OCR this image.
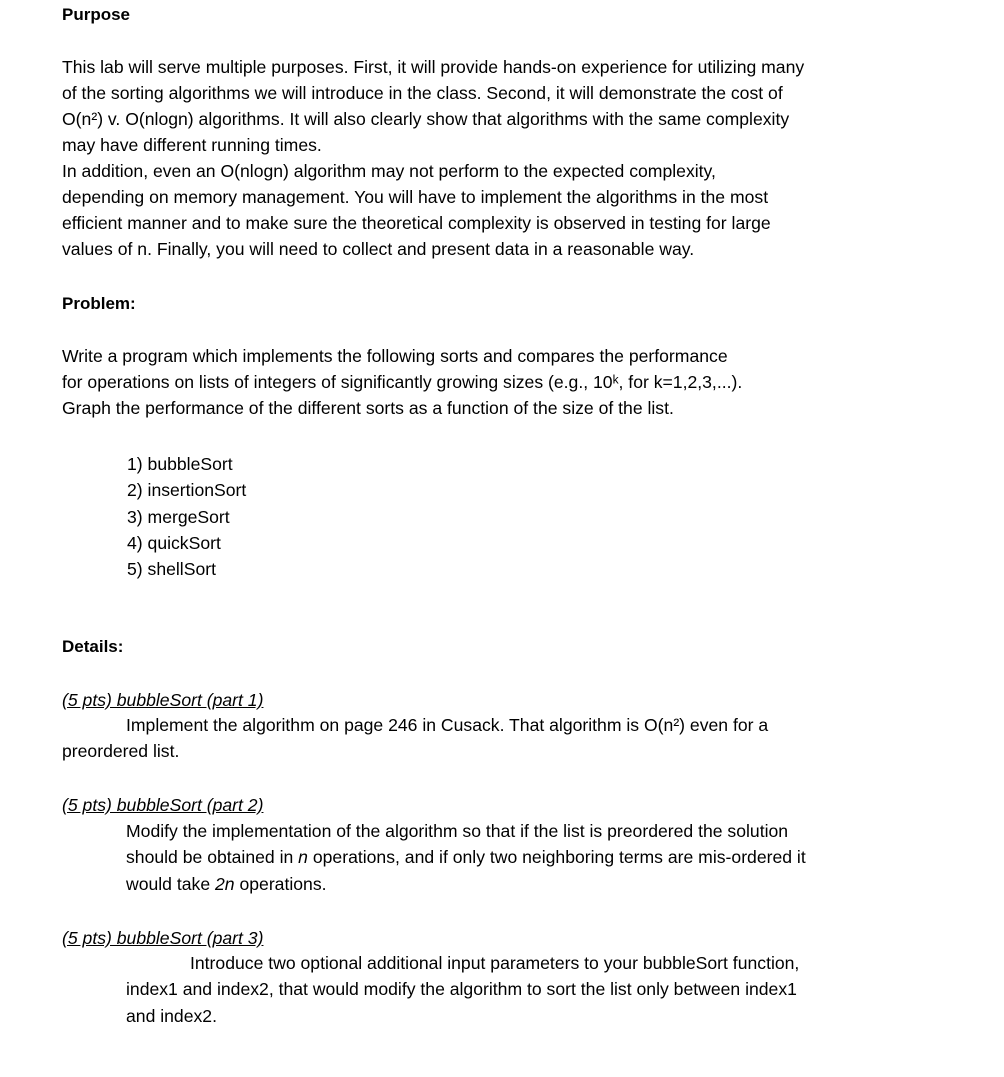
Purpose
This lab will serve multiple purposes. First, it will provide hands-on experience for utilizing many
of the sorting algorithms we will introduce in the class. Second, it will demonstrate the cost of
O(n²) v. O(nlogn) algorithms. It will also clearly show that algorithms with the same complexity
may have different running times.
In addition, even an O(nlogn) algorithm may not perform to the expected complexity,
depending on memory management. You will have to implement the algorithms in the most
efficient manner and to make sure the theoretical complexity is observed in testing for large
values of n. Finally, you will need to collect and present data in a reasonable way.
Problem:
Write a program which implements the following sorts and compares the performance
for operations on lists of integers of significantly growing sizes (e.g., 10ᵏ, for k=1,2,3,...).
Graph the performance of the different sorts as a function of the size of the list.
1) bubbleSort
2) insertionSort
3) mergeSort
4) quickSort
5) shellSort
Details:
(5 pts) bubbleSort (part 1)
Implement the algorithm on page 246 in Cusack. That algorithm is O(n²) even for a
preordered list.
(5 pts) bubbleSort (part 2)
Modify the implementation of the algorithm so that if the list is preordered the solution
should be obtained in n operations, and if only two neighboring terms are mis-ordered it
would take 2n operations.
(5 pts) bubbleSort (part 3)
Introduce two optional additional input parameters to your bubbleSort function,
index1 and index2, that would modify the algorithm to sort the list only between index1
and index2.
